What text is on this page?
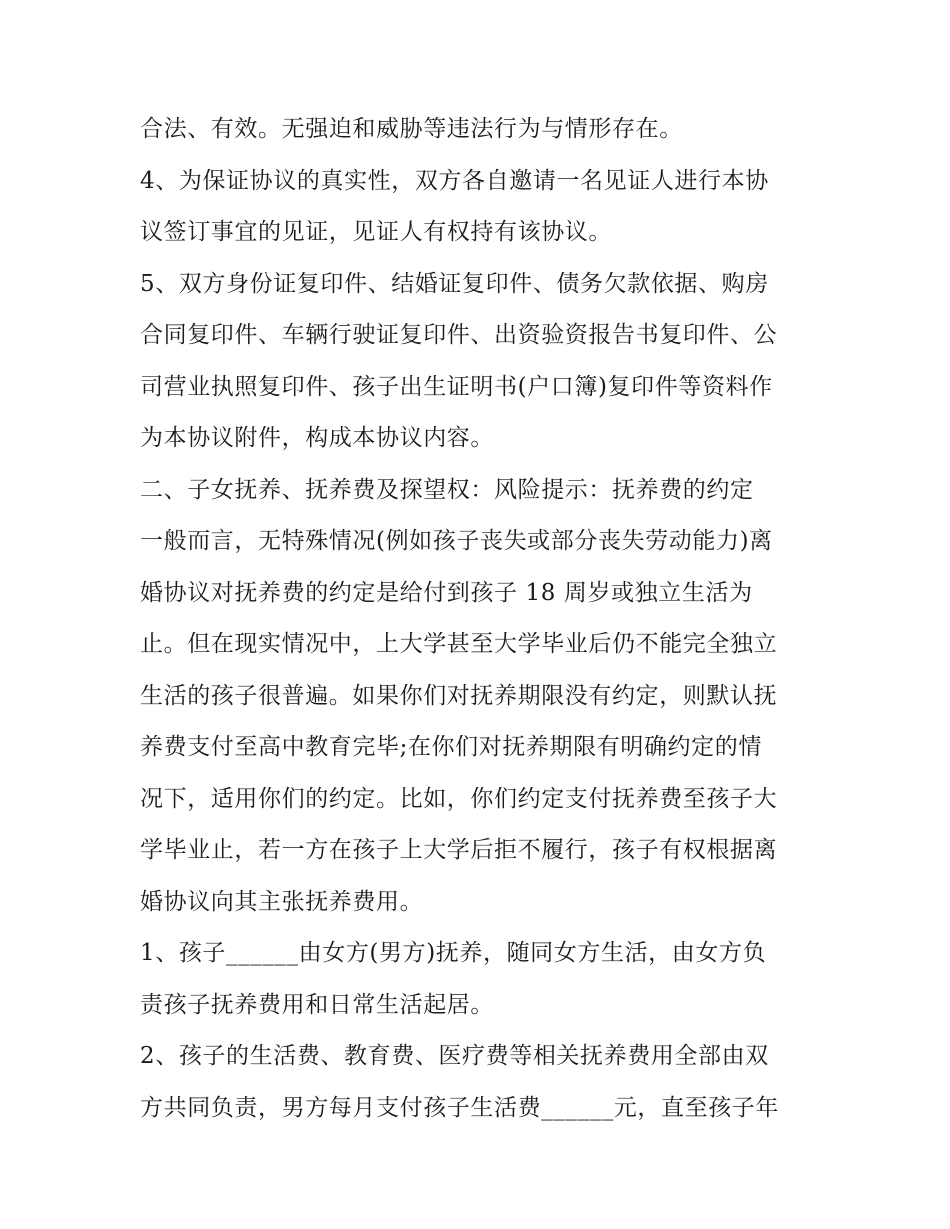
合法、有效。无强迫和威胁等违法行为与情形存在。
4、为保证协议的真实性，双方各自邀请一名见证人进行本协
议签订事宜的见证，见证人有权持有该协议。
5、双方身份证复印件、结婚证复印件、债务欠款依据、购房
合同复印件、车辆行驶证复印件、出资验资报告书复印件、公
司营业执照复印件、孩子出生证明书(户口簿)复印件等资料作
为本协议附件，构成本协议内容。
二、子女抚养、抚养费及探望权：风险提示：抚养费的约定
一般而言，无特殊情况(例如孩子丧失或部分丧失劳动能力)离
婚协议对抚养费的约定是给付到孩子 18 周岁或独立生活为
止。但在现实情况中，上大学甚至大学毕业后仍不能完全独立
生活的孩子很普遍。如果你们对抚养期限没有约定，则默认抚
养费支付至高中教育完毕;在你们对抚养期限有明确约定的情
况下，适用你们的约定。比如，你们约定支付抚养费至孩子大
学毕业止，若一方在孩子上大学后拒不履行，孩子有权根据离
婚协议向其主张抚养费用。
1、孩子______由女方(男方)抚养，随同女方生活，由女方负
责孩子抚养费用和日常生活起居。
2、孩子的生活费、教育费、医疗费等相关抚养费用全部由双
方共同负责，男方每月支付孩子生活费______元，直至孩子年
